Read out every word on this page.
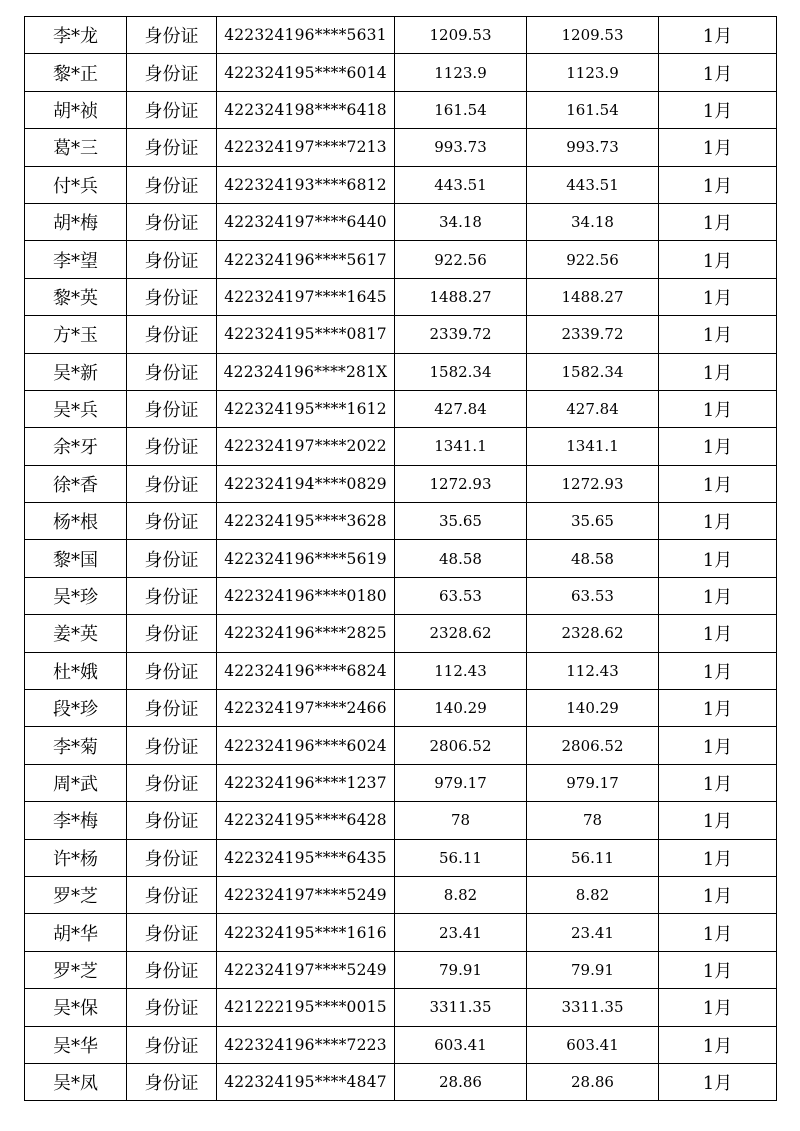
李*龙	身份证	422324196****5631	1209.53	1209.53	1月
黎*正	身份证	422324195****6014	1123.9	1123.9	1月
胡*祯	身份证	422324198****6418	161.54	161.54	1月
葛*三	身份证	422324197****7213	993.73	993.73	1月
付*兵	身份证	422324193****6812	443.51	443.51	1月
胡*梅	身份证	422324197****6440	34.18	34.18	1月
李*望	身份证	422324196****5617	922.56	922.56	1月
黎*英	身份证	422324197****1645	1488.27	1488.27	1月
方*玉	身份证	422324195****0817	2339.72	2339.72	1月
吴*新	身份证	422324196****281X	1582.34	1582.34	1月
吴*兵	身份证	422324195****1612	427.84	427.84	1月
余*牙	身份证	422324197****2022	1341.1	1341.1	1月
徐*香	身份证	422324194****0829	1272.93	1272.93	1月
杨*根	身份证	422324195****3628	35.65	35.65	1月
黎*国	身份证	422324196****5619	48.58	48.58	1月
吴*珍	身份证	422324196****0180	63.53	63.53	1月
姜*英	身份证	422324196****2825	2328.62	2328.62	1月
杜*娥	身份证	422324196****6824	112.43	112.43	1月
段*珍	身份证	422324197****2466	140.29	140.29	1月
李*菊	身份证	422324196****6024	2806.52	2806.52	1月
周*武	身份证	422324196****1237	979.17	979.17	1月
李*梅	身份证	422324195****6428	78	78	1月
许*杨	身份证	422324195****6435	56.11	56.11	1月
罗*芝	身份证	422324197****5249	8.82	8.82	1月
胡*华	身份证	422324195****1616	23.41	23.41	1月
罗*芝	身份证	422324197****5249	79.91	79.91	1月
吴*保	身份证	421222195****0015	3311.35	3311.35	1月
吴*华	身份证	422324196****7223	603.41	603.41	1月
吴*凤	身份证	422324195****4847	28.86	28.86	1月
